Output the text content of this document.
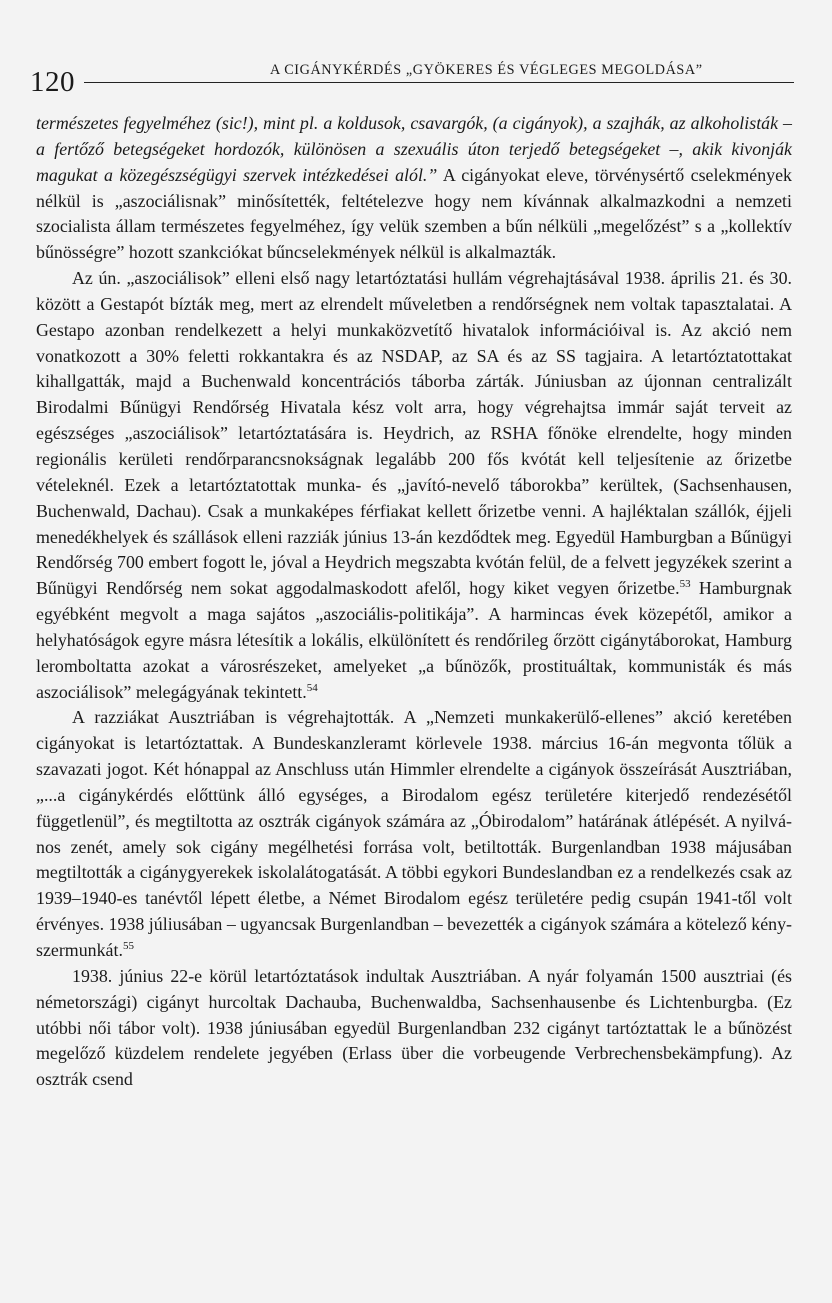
120	A CIGÁNYKÉRDÉS „GYÖKERES ÉS VÉGLEGES MEGOLDÁSA”

természetes fegyelméhez (sic!), mint pl. a koldusok, csavargók, (a cigányok), a szajhák, az alkoholisták – a fertőző betegségeket hordozók, különösen a szexuális úton terjedő betegségeket –, akik kivonják magukat a közegészségügyi szervek intézkedései alól.” A cigányokat eleve, törvénysértő cselekmények nélkül is „aszociálisnak” minősítették, feltételezve hogy nem kívánnak alkalmazkodni a nemzeti szocialista állam természetes fegyelméhez, így velük szemben a bűn nélküli „megelőzést” s a „kollektív bűnösségre” hozott szankciókat bűncselekmények nélkül is alkalmazták.

Az ún. „aszociálisok” elleni első nagy letartóztatási hullám végrehajtásával 1938. április 21. és 30. között a Gestapót bízták meg, mert az elrendelt műveletben a rendőrségnek nem voltak tapasztalatai. A Gestapo azonban rendelkezett a helyi munkaközvetítő hivatalok információival is. Az akció nem vonatkozott a 30% feletti rokkantakra és az NSDAP, az SA és az SS tagjaira. A letartóztatottakat kihallgatták, majd a Buchenwald koncentrációs táborba zárták. Júniusban az újonnan centralizált Birodalmi Bűnügyi Rendőrség Hivatala kész volt arra, hogy végrehajtsa immár saját terveit az egészséges „aszociálisok” letartóztatására is. Heydrich, az RSHA főnöke elrendelte, hogy minden regionális kerületi rendőrparancsnokságnak legalább 200 fős kvótát kell teljesítenie az őrizetbe vételeknél. Ezek a letartóztatottak munka- és „javító-nevelő táborokba” kerültek, (Sachsenhausen, Buchenwald, Dachau). Csak a munkaképes férfiakat kellett őrizetbe venni. A hajléktalan szállók, éjjeli menedékhelyek és szállások elleni razziák június 13-án kezdődtek meg. Egyedül Hamburgban a Bűnügyi Rendőrség 700 embert fogott le, jóval a Heydrich megszabta kvótán felül, de a felvett jegyzékek szerint a Bűnügyi Rendőrség nem sokat aggodalmaskodott afelől, hogy kiket vegyen őrizetbe.$^{53}$ Hamburgnak egyébként megvolt a maga sajátos „aszociális-politikája”. A harmincas évek közepétől, amikor a helyhatóságok egyre másra létesítik a lokális, elkülönített és rendőrileg őrzött cigánytáborokat, Hamburg leromboltatta azokat a városrészeket, amelyeket „a bűnözők, prostituáltak, kommunisták és más aszociálisok” melegágyának tekintett.$^{54}$

A razziákat Ausztriában is végrehajtották. A „Nemzeti munkakerülő-ellenes” akció keretében cigányokat is letartóztattak. A Bundeskanzleramt körlevele 1938. március 16-án megvonta tőlük a szavazati jogot. Két hónappal az Anschluss után Himmler elrendelte a cigányok összeírását Ausztriában, „...a cigánykérdés előttünk álló egységes, a Birodalom egész területére kiterjedő rendezésétől függetlenül”, és megtiltotta az osztrák cigányok számára az „Óbirodalom” határának átlépését. A nyilvános zenét, amely sok cigány megélhetési forrása volt, betiltották. Burgenlandban 1938 májusában megtiltották a cigánygyerekek iskolalátogatását. A többi egykori Bundeslandban ez a rendelkezés csak az 1939–1940-es tanévtől lépett életbe, a Német Birodalom egész területére pedig csupán 1941-től volt érvényes. 1938 júliusában – ugyancsak Burgenlandban – bevezették a cigányok számára a kötelező kényszermunkát.$^{55}$

1938. június 22-e körül letartóztatások indultak Ausztriában. A nyár folyamán 1500 ausztriai (és németországi) cigányt hurcoltak Dachauba, Buchenwaldba, Sachsenhausenbe és Lichtenburgba. (Ez utóbbi női tábor volt). 1938 júniusában egyedül Burgenlandban 232 cigányt tartóztattak le a bűnözést megelőző küzdelem rendelete jegyében (Erlass über die vorbeugende Verbrechensbekämpfung). Az osztrák csend
